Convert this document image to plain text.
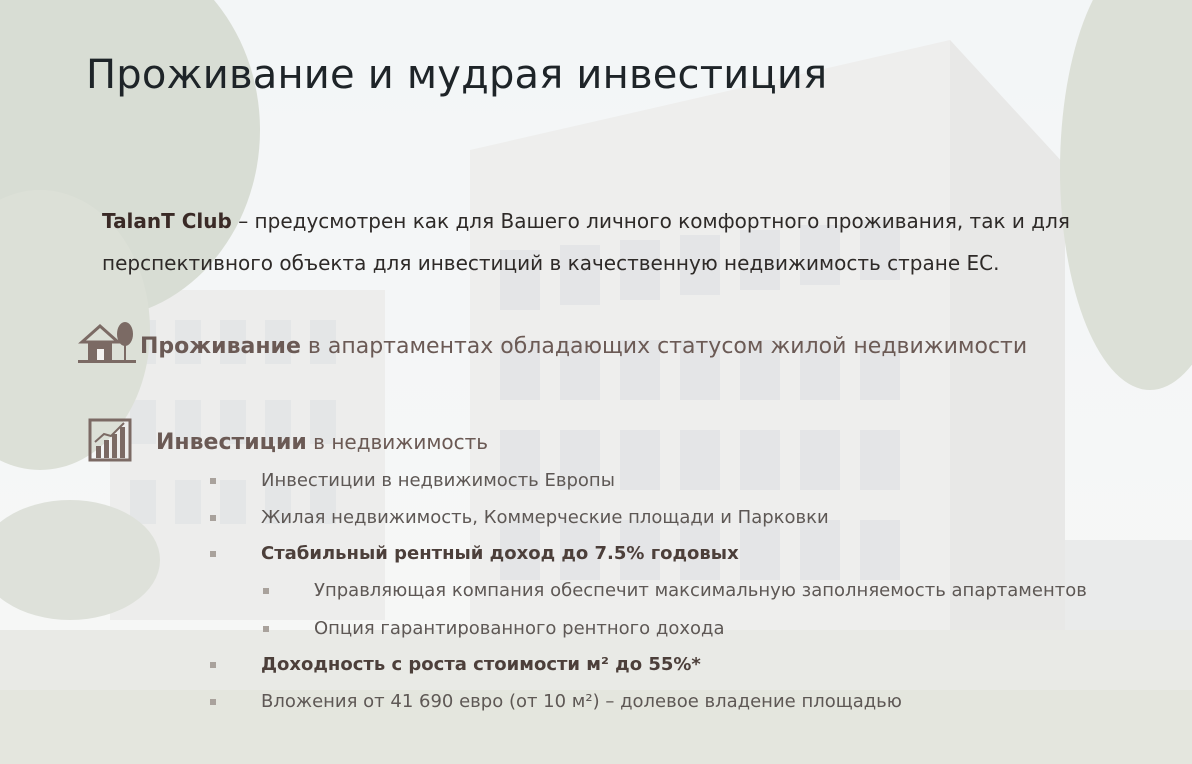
Проживание и мудрая инвестиция
TalanT Club – предусмотрен как для Вашего личного комфортного проживания, так и для перспективного объекта для инвестиций в качественную недвижимость стране ЕС.
Проживание в апартаментах обладающих статусом жилой недвижимости
Инвестиции в недвижимость
Инвестиции в недвижимость Европы
Жилая недвижимость, Коммерческие площади и Парковки
Стабильный рентный доход до 7.5% годовых
Управляющая компания обеспечит максимальную заполняемость апартаментов
Опция гарантированного рентного дохода
Доходность с роста стоимости м² до 55%*
Вложения от 41 690 евро (от 10 м²) – долевое владение площадью
